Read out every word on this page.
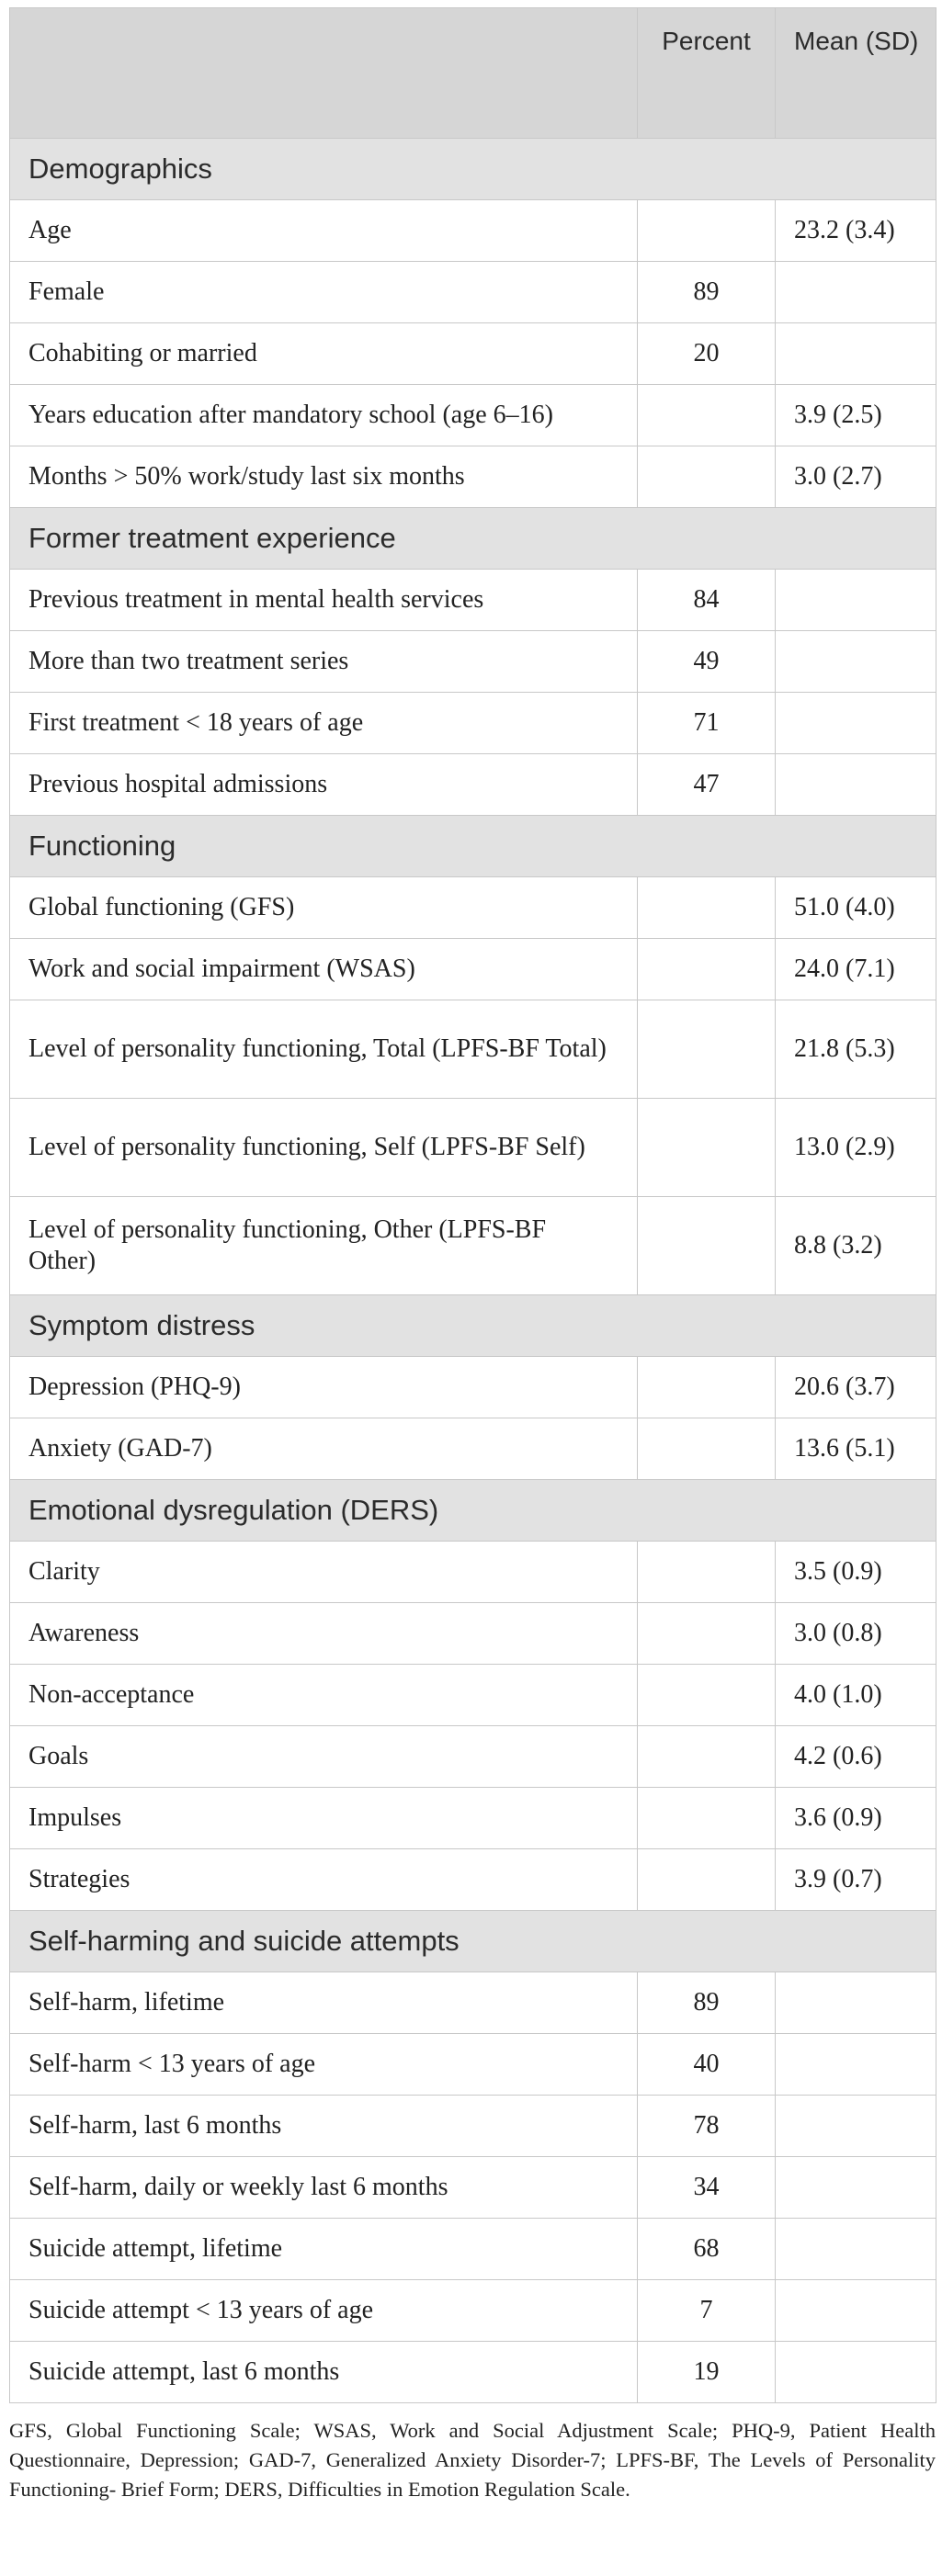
	Percent	Mean (SD)
Demographics		
Age		23.2 (3.4)
Female	89	
Cohabiting or married	20	
Years education after mandatory school (age 6–16)		3.9 (2.5)
Months > 50% work/study last six months		3.0 (2.7)
Former treatment experience		
Previous treatment in mental health services	84	
More than two treatment series	49	
First treatment < 18 years of age	71	
Previous hospital admissions	47	
Functioning		
Global functioning (GFS)		51.0 (4.0)
Work and social impairment (WSAS)		24.0 (7.1)
Level of personality functioning, Total (LPFS-BF Total)		21.8 (5.3)
Level of personality functioning, Self (LPFS-BF Self)		13.0 (2.9)
Level of personality functioning, Other (LPFS-BF Other)		8.8 (3.2)
Symptom distress		
Depression (PHQ-9)		20.6 (3.7)
Anxiety (GAD-7)		13.6 (5.1)
Emotional dysregulation (DERS)		
Clarity		3.5 (0.9)
Awareness		3.0 (0.8)
Non-acceptance		4.0 (1.0)
Goals		4.2 (0.6)
Impulses		3.6 (0.9)
Strategies		3.9 (0.7)
Self-harming and suicide attempts		
Self-harm, lifetime	89	
Self-harm < 13 years of age	40	
Self-harm, last 6 months	78	
Self-harm, daily or weekly last 6 months	34	
Suicide attempt, lifetime	68	
Suicide attempt < 13 years of age	7	
Suicide attempt, last 6 months	19	
GFS, Global Functioning Scale; WSAS, Work and Social Adjustment Scale; PHQ-9, Patient Health Questionnaire, Depression; GAD-7, Generalized Anxiety Disorder-7; LPFS-BF, The Levels of Personality Functioning- Brief Form; DERS, Difficulties in Emotion Regulation Scale.
